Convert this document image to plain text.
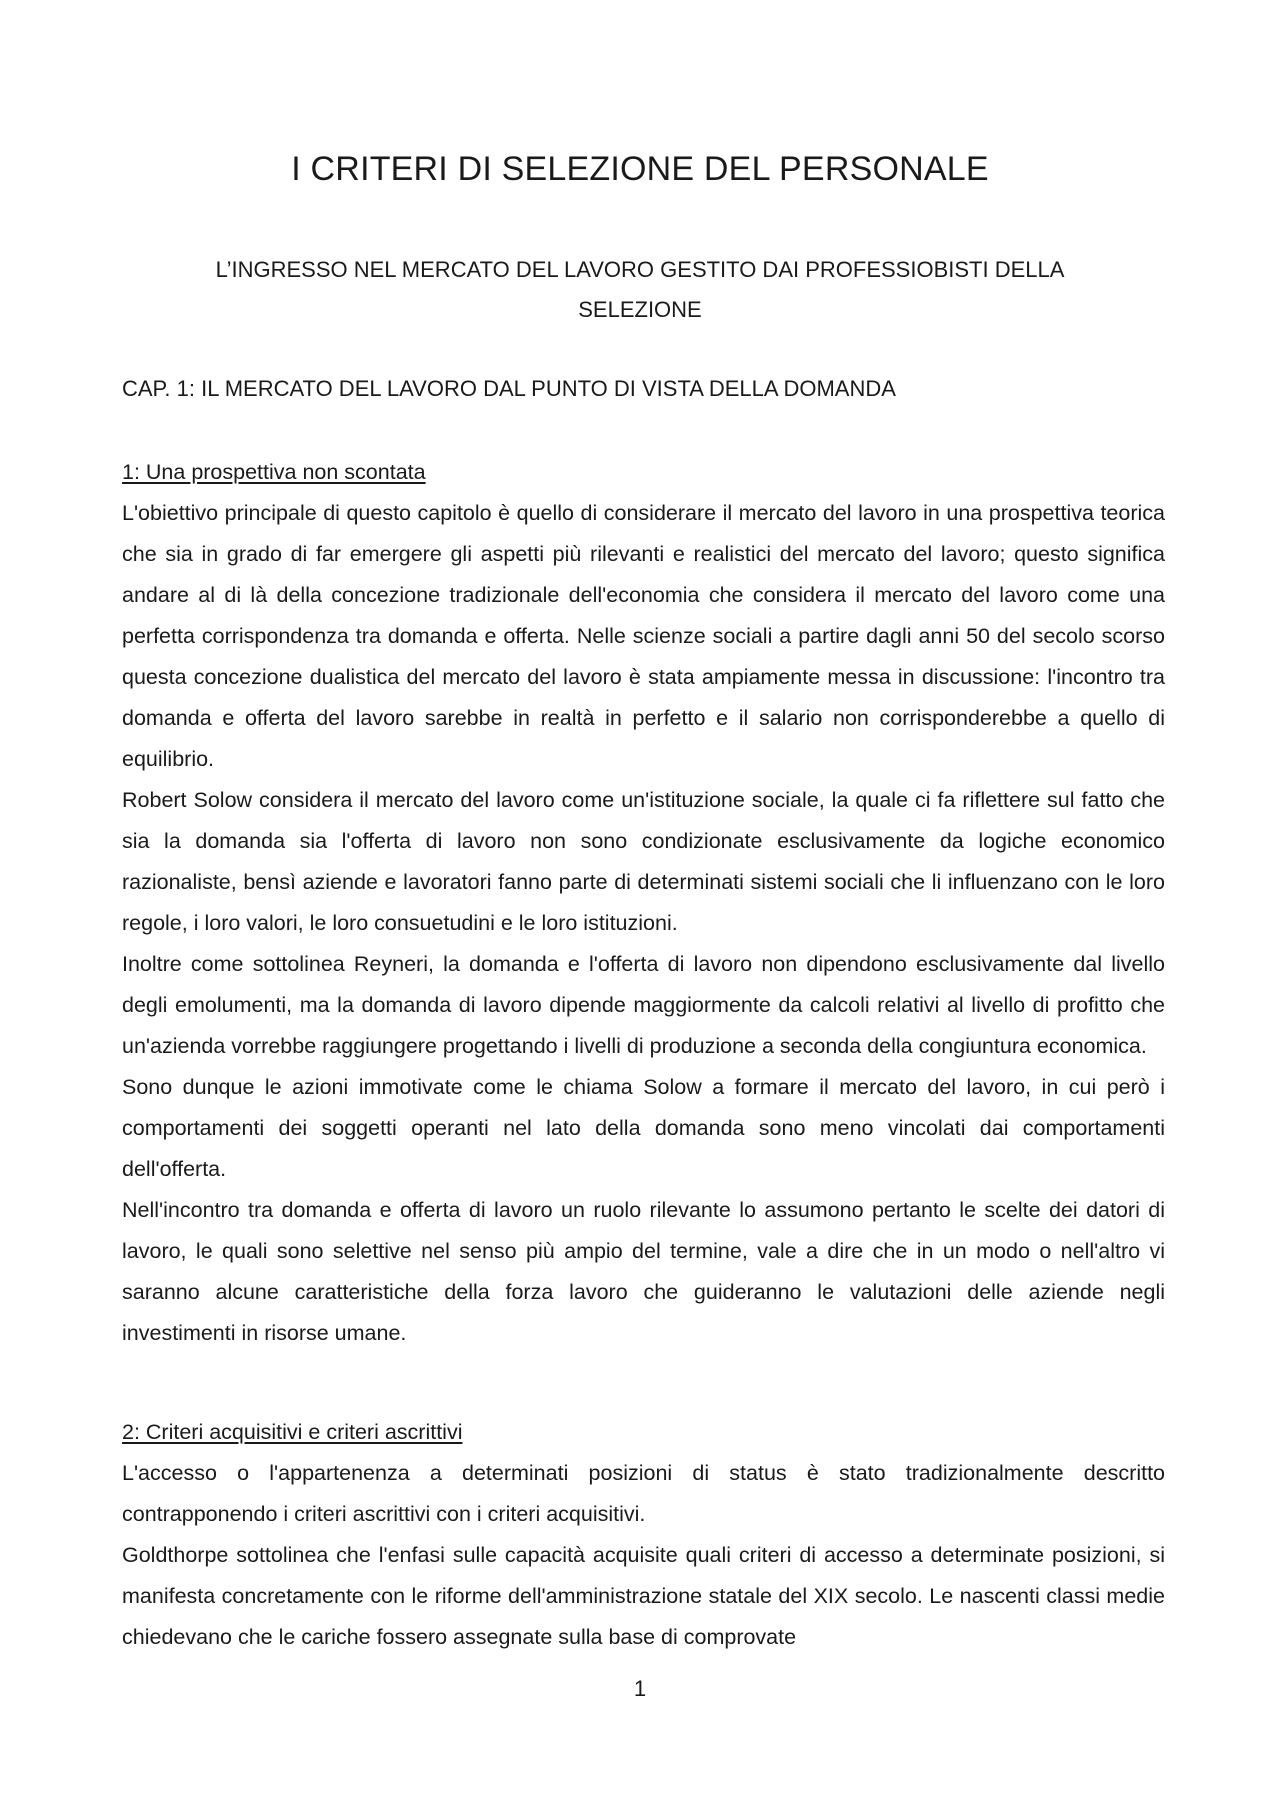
I CRITERI DI SELEZIONE DEL PERSONALE

L’INGRESSO NEL MERCATO DEL LAVORO GESTITO DAI PROFESSIOBISTI DELLA SELEZIONE

CAP. 1: IL MERCATO DEL LAVORO DAL PUNTO DI VISTA DELLA DOMANDA
1: Una prospettiva non scontata

L'obiettivo principale di questo capitolo è quello di considerare il mercato del lavoro in una prospettiva teorica che sia in grado di far emergere gli aspetti più rilevanti e realistici del mercato del lavoro; questo significa andare al di là della concezione tradizionale dell'economia che considera il mercato del lavoro come una perfetta corrispondenza tra domanda e offerta. Nelle scienze sociali a partire dagli anni 50 del secolo scorso questa concezione dualistica del mercato del lavoro è stata ampiamente messa in discussione: l'incontro tra domanda e offerta del lavoro sarebbe in realtà in perfetto e il salario non corrisponderebbe a quello di equilibrio.

Robert Solow considera il mercato del lavoro come un'istituzione sociale, la quale ci fa riflettere sul fatto che sia la domanda sia l'offerta di lavoro non sono condizionate esclusivamente da logiche economico razionaliste, bensì aziende e lavoratori fanno parte di determinati sistemi sociali che li influenzano con le loro regole, i loro valori, le loro consuetudini e le loro istituzioni.

Inoltre come sottolinea Reyneri, la domanda e l'offerta di lavoro non dipendono esclusivamente dal livello degli emolumenti, ma la domanda di lavoro dipende maggiormente da calcoli relativi al livello di profitto che un'azienda vorrebbe raggiungere progettando i livelli di produzione a seconda della congiuntura economica.

Sono dunque le azioni immotivate come le chiama Solow a formare il mercato del lavoro, in cui però i comportamenti dei soggetti operanti nel lato della domanda sono meno vincolati dai comportamenti dell'offerta.

Nell'incontro tra domanda e offerta di lavoro un ruolo rilevante lo assumono pertanto le scelte dei datori di lavoro, le quali sono selettive nel senso più ampio del termine, vale a dire che in un modo o nell'altro vi saranno alcune caratteristiche della forza lavoro che guideranno le valutazioni delle aziende negli investimenti in risorse umane.

2: Criteri acquisitivi e criteri ascrittivi

L'accesso o l'appartenenza a determinati posizioni di status è stato tradizionalmente descritto contrapponendo i criteri ascrittivi con i criteri acquisitivi.

Goldthorpe sottolinea che l'enfasi sulle capacità acquisite quali criteri di accesso a determinate posizioni, si manifesta concretamente con le riforme dell'amministrazione statale del XIX secolo. Le nascenti classi medie chiedevano che le cariche fossero assegnate sulla base di comprovate

1
